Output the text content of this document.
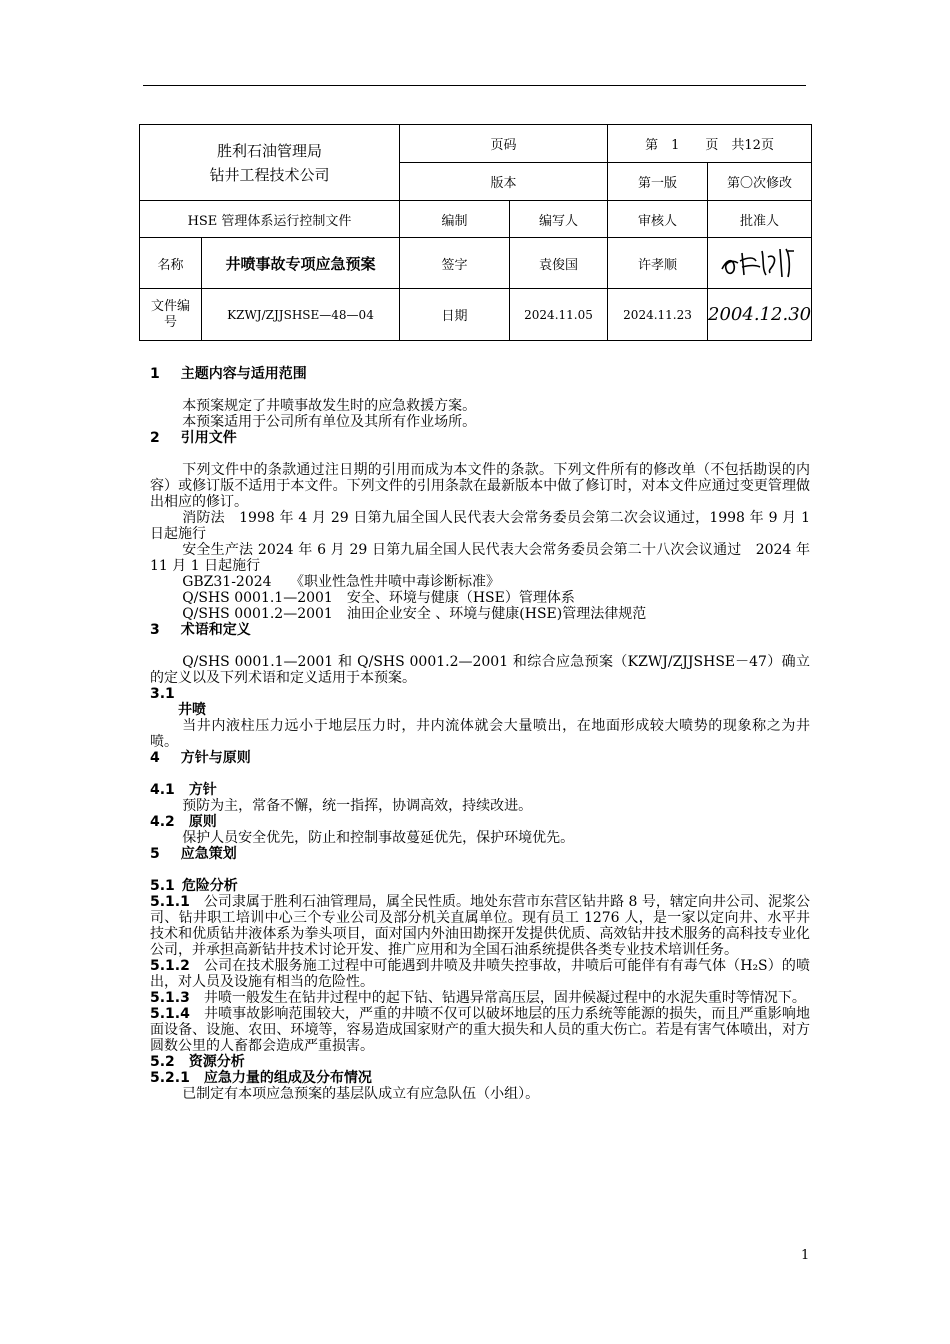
胜利石油管理局
钻井工程技术公司		页码		第　1　　页　共12页	
		版本		第一版	第〇次修改
HSE 管理体系运行控制文件		编制	编写人	审核人	批准人
名称	井喷事故专项应急预案	签字	袁俊国	许孝顺	
文件编号	KZWJ/ZJJSHSE—48—04	日期	2024.11.05	2024.11.23	2004.12.30

1   主题内容与适用范围

本预案规定了井喷事故发生时的应急救援方案。

本预案适用于公司所有单位及其所有作业场所。

2   引用文件

下列文件中的条款通过注日期的引用而成为本文件的条款。下列文件所有的修改单（不包括勘误的内容）或修订版不适用于本文件。下列文件的引用条款在最新版本中做了修订时，对本文件应通过变更管理做出相应的修订。

消防法　1998 年 4 月 29 日第九届全国人民代表大会常务委员会第二次会议通过，1998 年 9 月 1 日起施行

安全生产法 2024 年 6 月 29 日第九届全国人民代表大会常务委员会第二十八次会议通过　2024 年 11 月 1 日起施行

GBZ31-2024　 《职业性急性井喷中毒诊断标准》

Q/SHS 0001.1—2001　安全、环境与健康（HSE）管理体系

Q/SHS 0001.2—2001　油田企业安全 、环境与健康(HSE)管理法律规范

3   术语和定义

Q/SHS 0001.1—2001 和 Q/SHS 0001.2—2001 和综合应急预案（KZWJ/ZJJSHSE－47）确立的定义以及下列术语和定义适用于本预案。

3.1

井喷

当井内液柱压力远小于地层压力时，井内流体就会大量喷出，在地面形成较大喷势的现象称之为井喷。

4   方针与原则

4.1  方针

预防为主，常备不懈，统一指挥，协调高效，持续改进。

4.2  原则

保护人员安全优先，防止和控制事故蔓延优先，保护环境优先。

5   应急策划

5.1  危险分析

5.1.1  公司隶属于胜利石油管理局，属全民性质。地处东营市东营区钻井路 8 号，辖定向井公司、泥浆公司、钻井职工培训中心三个专业公司及部分机关直属单位。现有员工 1276 人，是一家以定向井、水平井技术和优质钻井液体系为拳头项目，面对国内外油田勘探开发提供优质、高效钻井技术服务的高科技专业化公司，并承担高新钻井技术讨论开发、推广应用和为全国石油系统提供各类专业技术培训任务。

5.1.2  公司在技术服务施工过程中可能遇到井喷及井喷失控事故，井喷后可能伴有有毒气体（H₂S）的喷出，对人员及设施有相当的危险性。

5.1.3  井喷一般发生在钻井过程中的起下钻、钻遇异常高压层，固井候凝过程中的水泥失重时等情况下。

5.1.4  井喷事故影响范围较大，严重的井喷不仅可以破坏地层的压力系统等能源的损失，而且严重影响地面设备、设施、农田、环境等，容易造成国家财产的重大损失和人员的重大伤亡。若是有害气体喷出，对方圆数公里的人畜都会造成严重损害。

5.2  资源分析

5.2.1  应急力量的组成及分布情况

已制定有本项应急预案的基层队成立有应急队伍（小组）。

1
